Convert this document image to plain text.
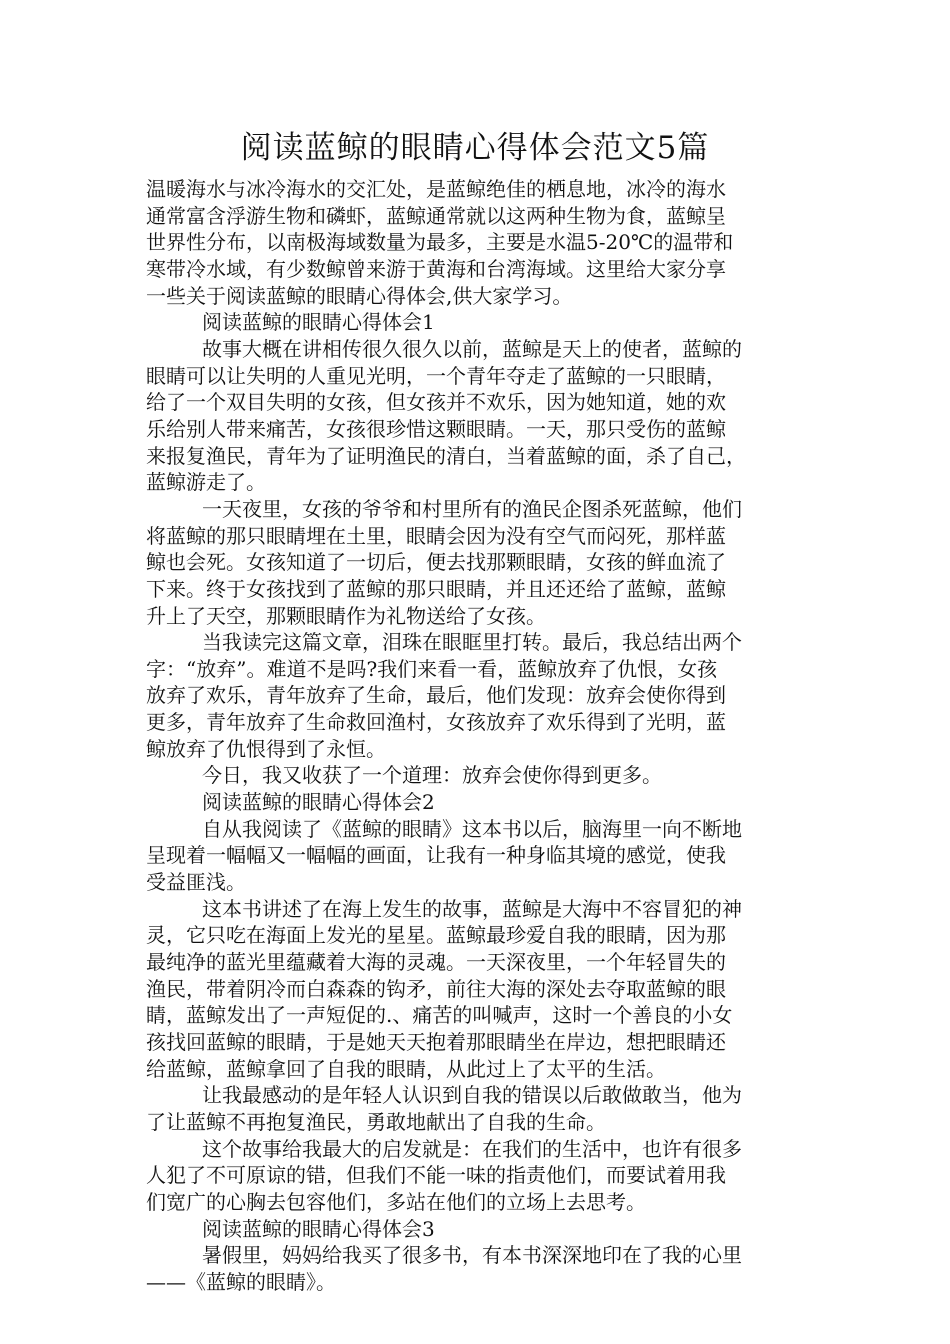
阅读蓝鲸的眼睛心得体会范文5篇
温暖海水与冰冷海水的交汇处，是蓝鲸绝佳的栖息地，冰冷的海水
通常富含浮游生物和磷虾，蓝鲸通常就以这两种生物为食，蓝鲸呈
世界性分布，以南极海域数量为最多，主要是水温5-20℃的温带和
寒带冷水域，有少数鲸曾来游于黄海和台湾海域。这里给大家分享
一些关于阅读蓝鲸的眼睛心得体会,供大家学习。
阅读蓝鲸的眼睛心得体会1
故事大概在讲相传很久很久以前，蓝鲸是天上的使者，蓝鲸的
眼睛可以让失明的人重见光明，一个青年夺走了蓝鲸的一只眼睛，
给了一个双目失明的女孩，但女孩并不欢乐，因为她知道，她的欢
乐给别人带来痛苦，女孩很珍惜这颗眼睛。一天，那只受伤的蓝鲸
来报复渔民，青年为了证明渔民的清白，当着蓝鲸的面，杀了自己，
蓝鲸游走了。
一天夜里，女孩的爷爷和村里所有的渔民企图杀死蓝鲸，他们
将蓝鲸的那只眼睛埋在土里，眼睛会因为没有空气而闷死，那样蓝
鲸也会死。女孩知道了一切后，便去找那颗眼睛，女孩的鲜血流了
下来。终于女孩找到了蓝鲸的那只眼睛，并且还还给了蓝鲸，蓝鲸
升上了天空，那颗眼睛作为礼物送给了女孩。
当我读完这篇文章，泪珠在眼眶里打转。最后，我总结出两个
字：“放弃”。难道不是吗?我们来看一看，蓝鲸放弃了仇恨，女孩
放弃了欢乐，青年放弃了生命，最后，他们发现：放弃会使你得到
更多，青年放弃了生命救回渔村，女孩放弃了欢乐得到了光明，蓝
鲸放弃了仇恨得到了永恒。
今日，我又收获了一个道理：放弃会使你得到更多。
阅读蓝鲸的眼睛心得体会2
自从我阅读了《蓝鲸的眼睛》这本书以后，脑海里一向不断地
呈现着一幅幅又一幅幅的画面，让我有一种身临其境的感觉，使我
受益匪浅。
这本书讲述了在海上发生的故事，蓝鲸是大海中不容冒犯的神
灵，它只吃在海面上发光的星星。蓝鲸最珍爱自我的眼睛，因为那
最纯净的蓝光里蕴藏着大海的灵魂。一天深夜里，一个年轻冒失的
渔民，带着阴冷而白森森的钩矛，前往大海的深处去夺取蓝鲸的眼
睛，蓝鲸发出了一声短促的.、痛苦的叫喊声，这时一个善良的小女
孩找回蓝鲸的眼睛，于是她天天抱着那眼睛坐在岸边，想把眼睛还
给蓝鲸，蓝鲸拿回了自我的眼睛，从此过上了太平的生活。
让我最感动的是年轻人认识到自我的错误以后敢做敢当，他为
了让蓝鲸不再抱复渔民，勇敢地献出了自我的生命。
这个故事给我最大的启发就是：在我们的生活中，也许有很多
人犯了不可原谅的错，但我们不能一味的指责他们，而要试着用我
们宽广的心胸去包容他们，多站在他们的立场上去思考。
阅读蓝鲸的眼睛心得体会3
暑假里，妈妈给我买了很多书，有本书深深地印在了我的心里
——《蓝鲸的眼睛》。
